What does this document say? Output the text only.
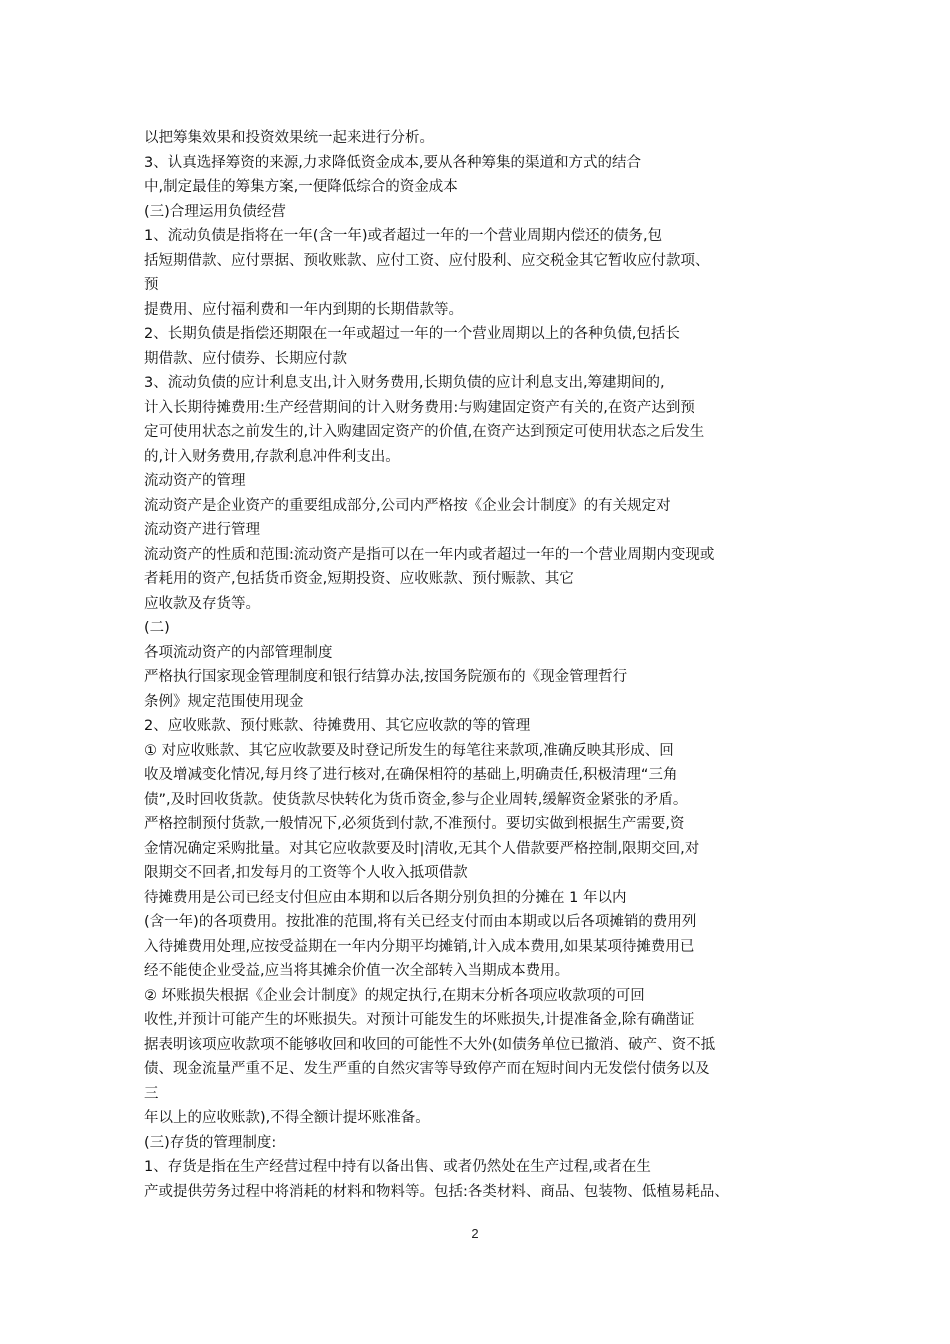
以把筹集效果和投资效果统一起来进行分析。
3、认真选择筹资的来源,力求降低资金成本,要从各种筹集的渠道和方式的结合
中,制定最佳的筹集方案,一便降低综合的资金成本
(三)合理运用负债经营
1、流动负债是指将在一年(含一年)或者超过一年的一个营业周期内偿还的债务,包
括短期借款、应付票据、预收账款、应付工资、应付股利、应交税金其它暂收应付款项、
预
提费用、应付福利费和一年内到期的长期借款等。
2、长期负债是指偿还期限在一年或超过一年的一个营业周期以上的各种负债,包括长
期借款、应付债券、长期应付款
3、流动负债的应计利息支出,计入财务费用,长期负债的应计利息支出,筹建期间的,
计入长期待摊费用:生产经营期间的计入财务费用:与购建固定资产有关的,在资产达到预
定可使用状态之前发生的,计入购建固定资产的价值,在资产达到预定可使用状态之后发生
的,计入财务费用,存款利息冲件利支出。
流动资产的管理
流动资产是企业资产的重要组成部分,公司内严格按《企业会计制度》的有关规定对
流动资产进行管理
流动资产的性质和范围:流动资产是指可以在一年内或者超过一年的一个营业周期内变现或
者耗用的资产,包括货币资金,短期投资、应收账款、预付赈款、其它
应收款及存货等。
(二)
各项流动资产的内部管理制度
严格执行国家现金管理制度和银行结算办法,按国务院颁布的《现金管理哲行
条例》规定范围使用现金
2、应收账款、预付账款、待摊费用、其它应收款的等的管理
① 对应收账款、其它应收款要及时登记所发生的每笔往来款项,准确反映其形成、回
收及增减变化情况,每月终了进行核对,在确保相符的基础上,明确责任,积极清理“三角
债”,及时回收货款。使货款尽快转化为货币资金,参与企业周转,缓解资金紧张的矛盾。
严格控制预付货款,一般情况下,必须货到付款,不准预付。要切实做到根据生产需要,资
金情况确定采购批量。对其它应收款要及时|清收,无其个人借款要严格控制,限期交回,对
限期交不回者,扣发每月的工资等个人收入抵项借款
待摊费用是公司已经支付但应由本期和以后各期分别负担的分摊在 1 年以内
(含一年)的各项费用。按批准的范围,将有关已经支付而由本期或以后各项摊销的费用列
入待摊费用处理,应按受益期在一年内分期平均摊销,计入成本费用,如果某项待摊费用已
经不能使企业受益,应当将其摊余价值一次全部转入当期成本费用。
② 坏账损失根据《企业会计制度》的规定执行,在期末分析各项应收款项的可回
收性,并预计可能产生的坏账损失。对预计可能发生的坏账损失,计提准备金,除有确凿证
据表明该项应收款项不能够收回和收回的可能性不大外(如债务单位已撤消、破产、资不抵
债、现金流量严重不足、发生严重的自然灾害等导致停产而在短时间内无发偿付债务以及
三
年以上的应收账款),不得全额计提坏账准备。
(三)存货的管理制度:
1、存货是指在生产经营过程中持有以备出售、或者仍然处在生产过程,或者在生
产或提供劳务过程中将消耗的材料和物料等。包括:各类材料、商品、包装物、低植易耗品、
2
